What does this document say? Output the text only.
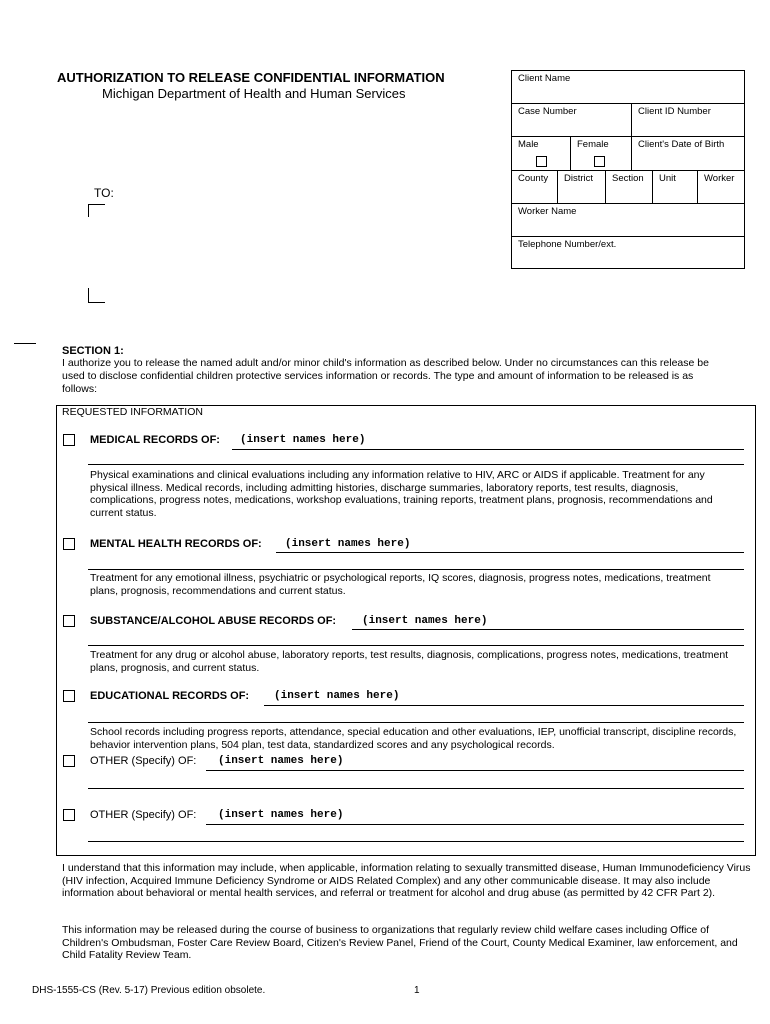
AUTHORIZATION TO RELEASE CONFIDENTIAL INFORMATION
Michigan Department of Health and Human Services
Client Name
Case Number	Client ID Number
Male	Female	Client's Date of Birth
County	District	Section	Unit	Worker
Worker Name
Telephone Number/ext.
TO:
SECTION 1:
I authorize you to release the named adult and/or minor child's information as described below. Under no circumstances can this release be used to disclose confidential children protective services information or records. The type and amount of information to be released is as follows:
REQUESTED INFORMATION
MEDICAL RECORDS OF: (insert names here)
Physical examinations and clinical evaluations including any information relative to HIV, ARC or AIDS if applicable. Treatment for any physical illness. Medical records, including admitting histories, discharge summaries, laboratory reports, test results, diagnosis, complications, progress notes, medications, workshop evaluations, training reports, treatment plans, prognosis, recommendations and current status.
MENTAL HEALTH RECORDS OF: (insert names here)
Treatment for any emotional illness, psychiatric or psychological reports, IQ scores, diagnosis, progress notes, medications, treatment plans, prognosis, recommendations and current status.
SUBSTANCE/ALCOHOL ABUSE RECORDS OF: (insert names here)
Treatment for any drug or alcohol abuse, laboratory reports, test results, diagnosis, complications, progress notes, medications, treatment plans, prognosis, and current status.
EDUCATIONAL RECORDS OF: (insert names here)
School records including progress reports, attendance, special education and other evaluations, IEP, unofficial transcript, discipline records, behavior intervention plans, 504 plan, test data, standardized scores and any psychological records.
OTHER (Specify) OF: (insert names here)
OTHER (Specify) OF: (insert names here)
I understand that this information may include, when applicable, information relating to sexually transmitted disease, Human Immunodeficiency Virus (HIV infection, Acquired Immune Deficiency Syndrome or AIDS Related Complex) and any other communicable disease. It may also include information about behavioral or mental health services, and referral or treatment for alcohol and drug abuse (as permitted by 42 CFR Part 2).
This information may be released during the course of business to organizations that regularly review child welfare cases including Office of Children's Ombudsman, Foster Care Review Board, Citizen's Review Panel, Friend of the Court, County Medical Examiner, law enforcement, and Child Fatality Review Team.
DHS-1555-CS (Rev. 5-17) Previous edition obsolete.	1
